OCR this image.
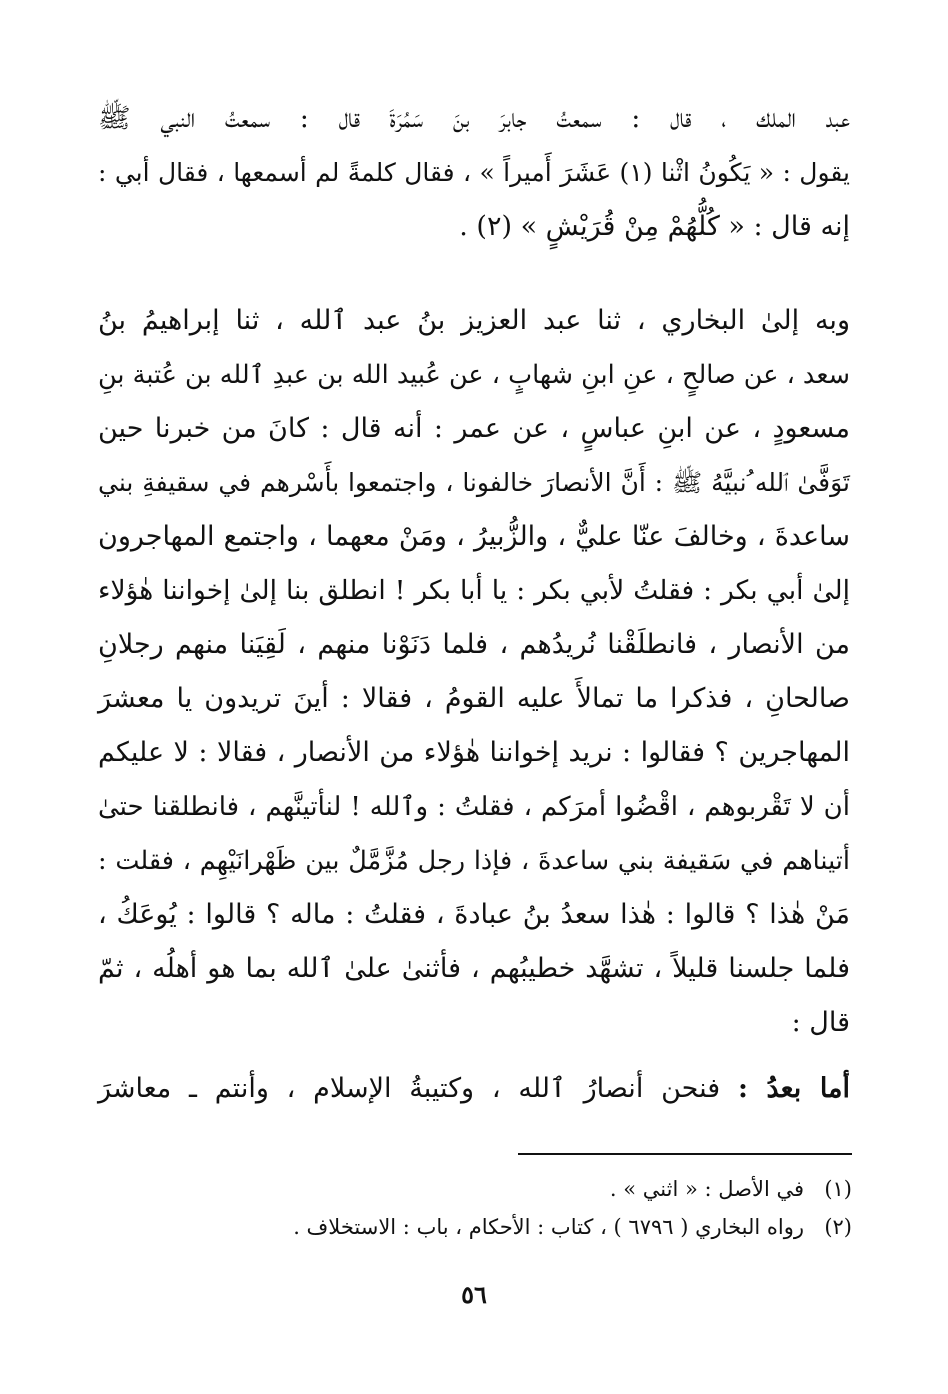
عبد الملك ، قال : سمعتُ جابرَ بنَ سَمُرَةَ قال : سمعتُ النبي ﷺ
يقول : « يَكُونُ اثْنا (١) عَشَرَ أَميراً » ، فقال كلمةً لم أسمعها ، فقال أبي :
إنه قال : « كُلُّهُمْ مِنْ قُرَيْشٍ » (٢) .
وبه إلىٰ البخاري ، ثنا عبد العزيز بنُ عبد ٱلله ، ثنا إبراهيمُ بنُ
سعد ، عن صالحٍ ، عنِ ابنِ شهابٍ ، عن عُبيد الله بن عبدِ ٱلله بن عُتبة بنِ
مسعودٍ ، عن ابنِ عباسٍ ، عن عمر : أنه قال : كانَ من خبرنا حين
تَوَفَّىٰ ٱلله ُنبيَّهُ ﷺ : أَنَّ الأنصارَ خالفونا ، واجتمعوا بأَسْرهم في سقيفةِ بني
ساعدةَ ، وخالفَ عنّا عليٌّ ، والزُّبيرُ ، ومَنْ معهما ، واجتمع المهاجرون
إلىٰ أبي بكر : فقلتُ لأبي بكر : يا أبا بكر ! انطلق بنا إلىٰ إخواننا هٰؤلاء
من الأنصار ، فانطلَقْنا نُريدُهم ، فلما دَنَوْنا منهم ، لَقِيَنا منهم رجلانِ
صالحانِ ، فذكرا ما تمالأَ عليه القومُ ، فقالا : أينَ تريدون يا معشرَ
المهاجرين ؟ فقالوا : نريد إخواننا هٰؤلاء من الأنصار ، فقالا : لا عليكم
أن لا تَقْربوهم ، اقْضُوا أمرَكم ، فقلتُ : وٱلله ! لنأتينَّهم ، فانطلقنا حتىٰ
أتيناهم في سَقيفة بني ساعدةَ ، فإذا رجل مُزَّمَّلٌ بين ظَهْرانَيْهِم ، فقلت :
مَنْ هٰذا ؟ قالوا : هٰذا سعدُ بنُ عبادةَ ، فقلتُ : ماله ؟ قالوا : يُوعَكُ ،
فلما جلسنا قليلاً ، تشهَّد خطيبُهم ، فأثنىٰ علىٰ ٱلله بما هو أهلُه ، ثمّ
قال :
أما بعدُ : فنحن أنصارُ ٱلله ، وكتيبةُ الإسلام ، وأنتم ـ معاشرَ
(١)في الأصل : « اثني » .
(٢)رواه البخاري ( ٦٧٩٦ ) ، كتاب : الأحكام ، باب : الاستخلاف .
٥٦
